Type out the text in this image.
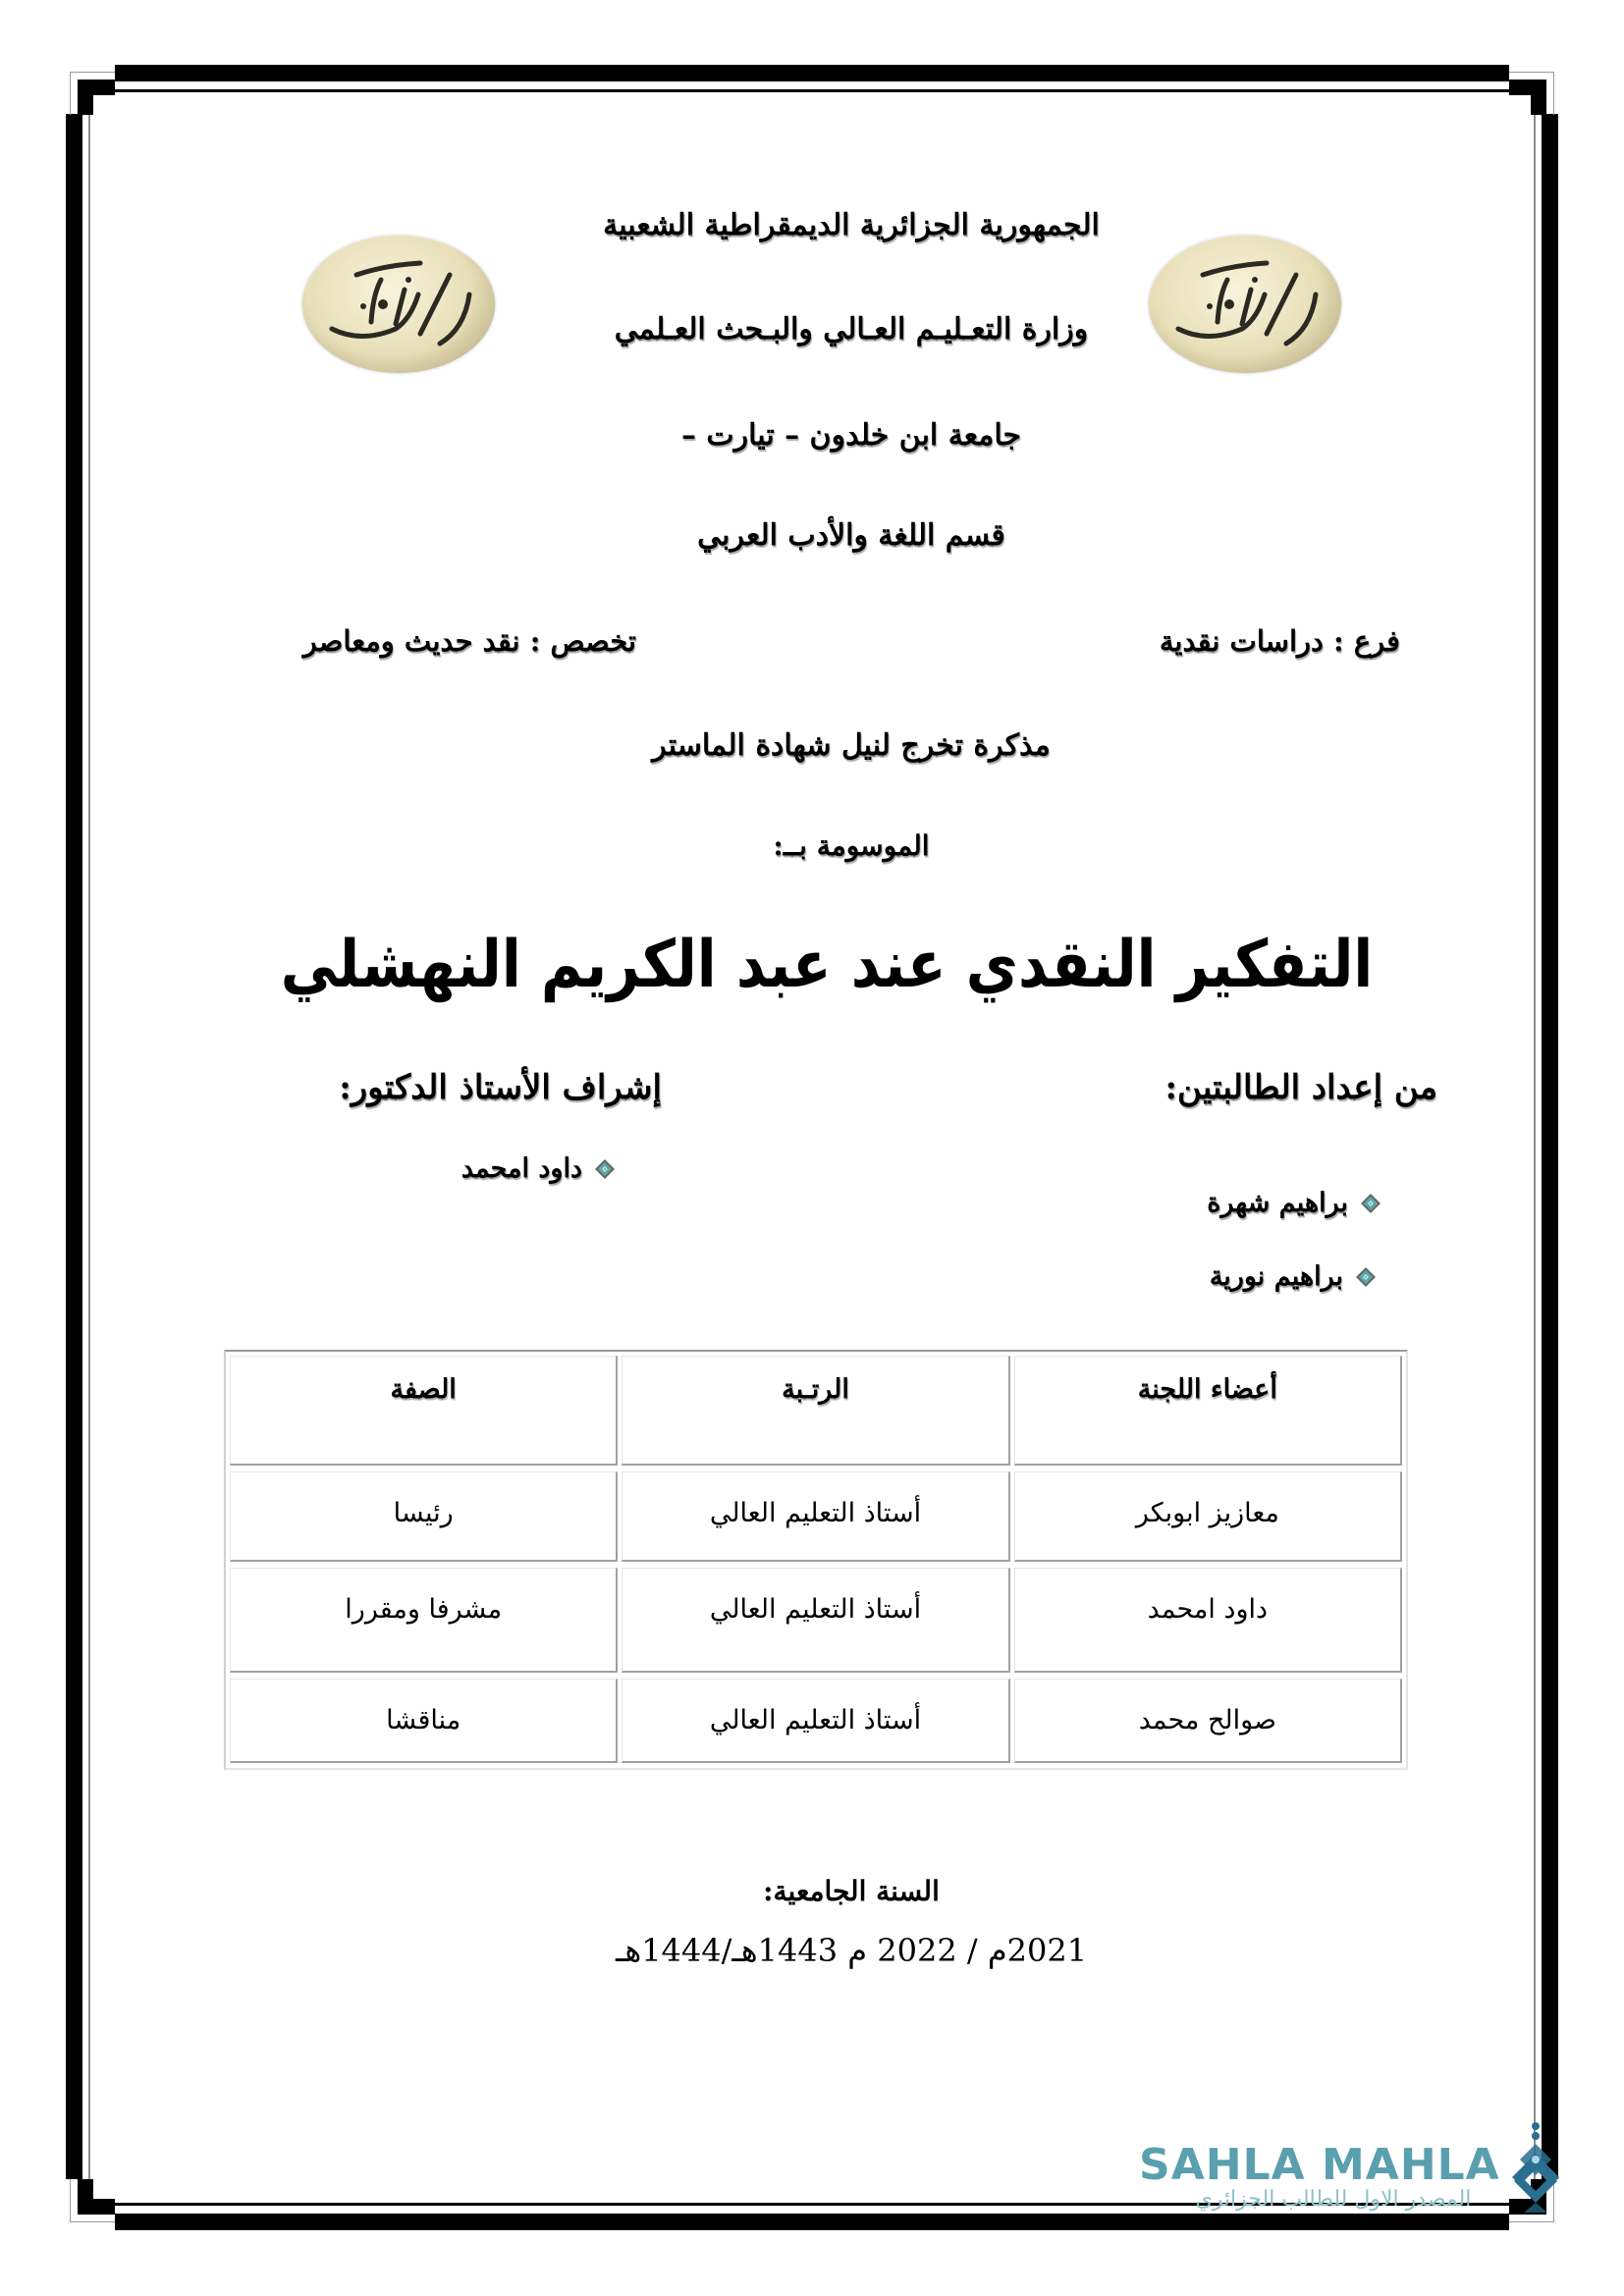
الجمهورية الجزائرية الديمقراطية الشعبية
وزارة التعـليـم العـالي والبـحث العـلمي
جامعة ابن خلدون – تيارت –
قسم اللغة والأدب العربي
فرع : دراسات نقدية
تخصص : نقد حديث ومعاصر
مذكرة تخرج لنيل شهادة الماستر
الموسومة بــ:
التفكير النقدي عند عبد الكريم النهشلي
من إعداد الطالبتين:
إشراف الأستاذ الدكتور:
براهيم شهرة
براهيم نورية
داود امحمد
أعضاء اللجنة
الرتـبة
الصفة
معازيز ابوبكر
أستاذ التعليم العالي
رئيسا
داود امحمد
أستاذ التعليم العالي
مشرفا ومقررا
صوالح محمد
أستاذ التعليم العالي
مناقشا
السنة الجامعية:
2021م / 2022 م 1443هـ/1444هـ
SAHLA MAHLA
المصدر الاول للطالب الجزائري
